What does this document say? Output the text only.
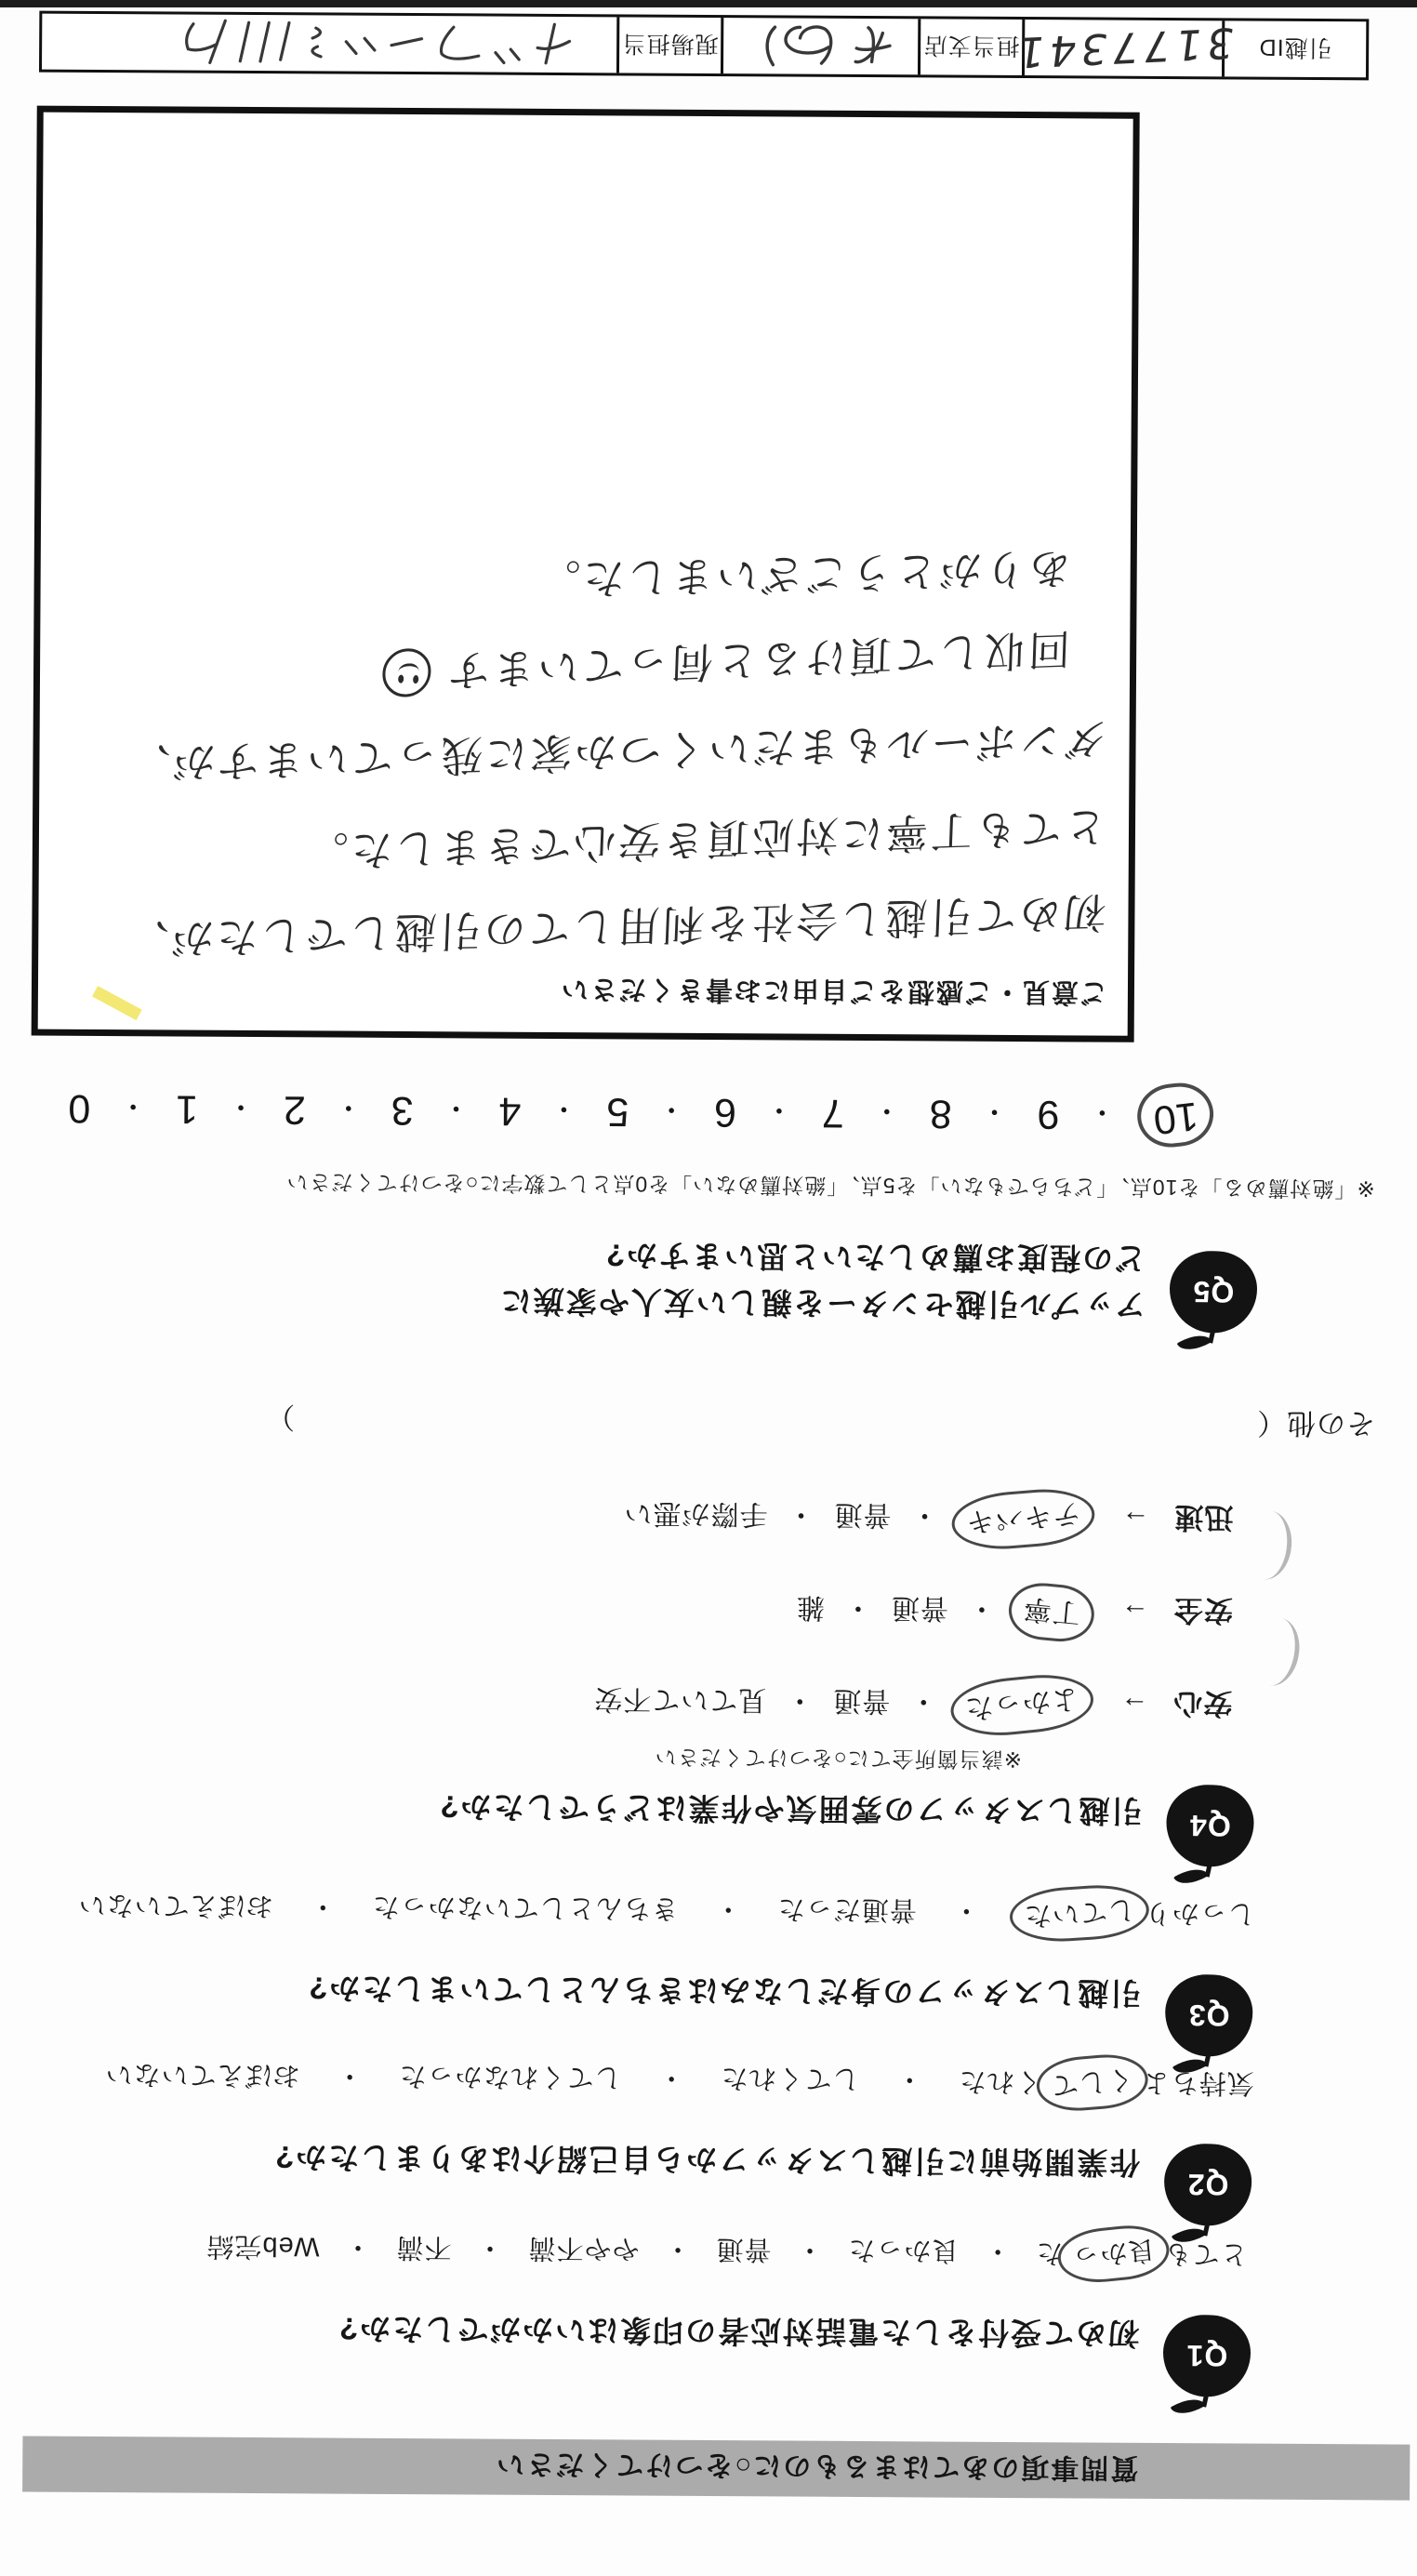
質問事項のあてはまるものに○をつけてください
Q1
初めて受付をした電話対応者の印象はいかがでしたか?
とても良かった
・
良かった
・
普通
・
やや不満
・
不満
・
Web完結
Q2
作業開始前に引越しスタッフから自己紹介はありましたか?
気持ちよくしてくれた
・
してくれた
・
してくれなかった
・
おぼえていない
Q3
引越しスタッフの身だしなみはきちんとしていましたか?
しっかりしていた
・
普通だった
・
きちんとしていなかった
・
おぼえていない
Q4
引越しスタッフの雰囲気や作業はどうでしたか?
※該当箇所全てに○をつけてください
安心
→
よかった
・
普通
・
見ていて不安
安全
→
丁寧
・
普通
・
雑
迅速
→
テキパキ
・
普通
・
手際が悪い
その他（
）
Q5
アップル引越センターを親しい友人や家族に
どの程度お薦めしたいと思いますか?
※「絶対薦める」を10点、「どちらでもない」を5点、「絶対薦めない」を0点として数字に○をつけてください
10
・
9
・
8
・
7
・
6
・
5
・
4
・
3
・
2
・
1
・
0
ご意見・ご感想をご自由にお書きください
初めて引越し会社を利用しての引越しでしたが、
とても丁寧に対応頂き安心できました。
ダンボールもまだいくつか家に残っていますが、
回収して頂けると伺っています
ありがとうございました。
引越ID
3177341
担当支店
現場担当
